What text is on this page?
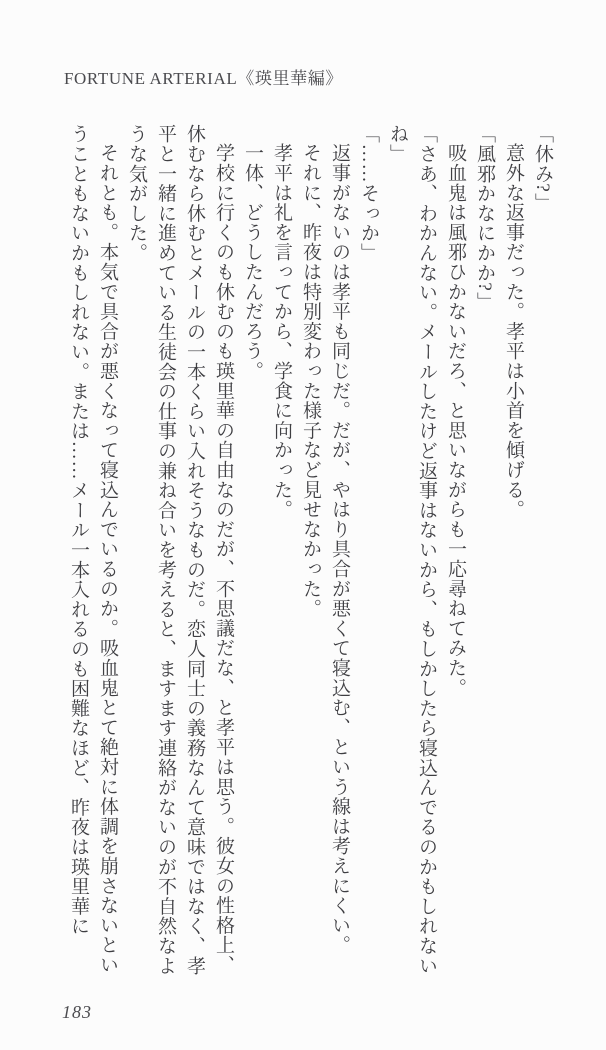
FORTUNE ARTERIAL《瑛里華編》

「休み?」

意外な返事だった。孝平は小首を傾げる。

「風邪かなにかか?」

吸血鬼は風邪ひかないだろ、と思いながらも一応尋ねてみた。

「さあ、わかんない。メールしたけど返事はないから、もしかしたら寝込んでるのかもしれないね」

「……そっか」

返事がないのは孝平も同じだ。だが、やはり具合が悪くて寝込む、という線は考えにくい。

それに、昨夜は特別変わった様子など見せなかった。

孝平は礼を言ってから、学食に向かった。

一体、どうしたんだろう。

学校に行くのも休むのも瑛里華の自由なのだが、不思議だな、と孝平は思う。彼女の性格上、休むなら休むとメールの一本くらい入れそうなものだ。恋人同士の義務なんて意味ではなく、孝平と一緒に進めている生徒会の仕事の兼ね合いを考えると、ますます連絡がないのが不自然なような気がした。

それとも。本気で具合が悪くなって寝込んでいるのか。吸血鬼とて絶対に体調を崩さないということもないかもしれない。または……メール一本入れるのも困難なほど、昨夜は瑛里華に

183
